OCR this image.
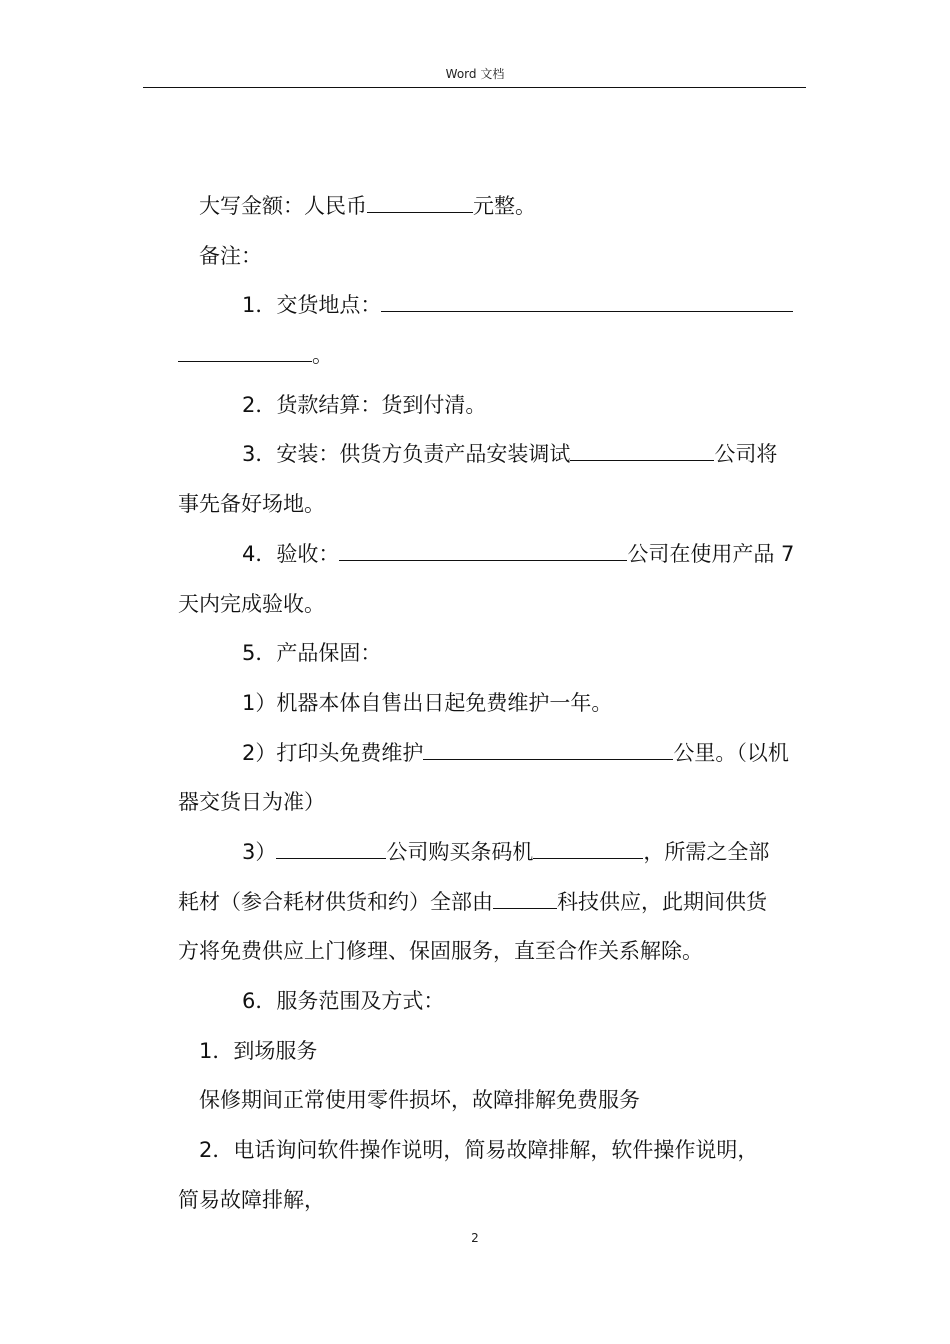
Word 文档
大写金额：人民币	元整。
备注：
1．交货地点：
。
2．货款结算：货到付清。
3．安装：供货方负责产品安装调试	公司将
事先备好场地。
4．验收：	公司在使用产品 7
天内完成验收。
5．产品保固：
1）机器本体自售出日起免费维护一年。
2）打印头免费维护	公里。（以机
器交货日为准）
3）	公司购买条码机	，所需之全部
耗材（参合耗材供货和约）全部由	科技供应，此期间供货
方将免费供应上门修理、保固服务，直至合作关系解除。
6．服务范围及方式：
1．到场服务
保修期间正常使用零件损坏，故障排解免费服务
2．电话询问软件操作说明，简易故障排解，软件操作说明，
简易故障排解，
2
